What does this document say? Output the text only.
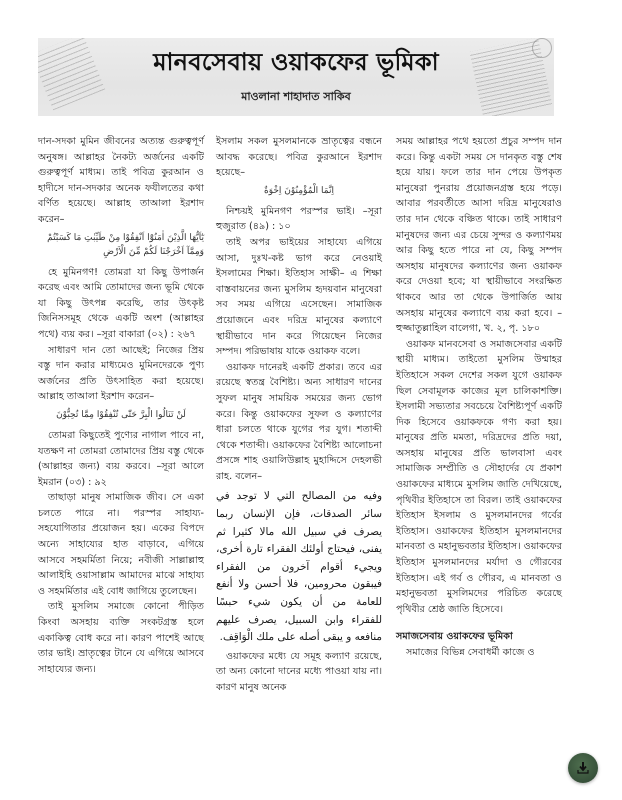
মানবসেবায় ওয়াকফের ভূমিকা
মাওলানা শাহাদাত সাকিব

দান-সদকা মুমিন জীবনের অত্যন্ত গুরুত্বপূর্ণ অনুষঙ্গ। আল্লাহর নৈকট্য অর্জনের একটি গুরুত্বপূর্ণ মাধ্যম। তাই পবিত্র কুরআন ও হাদীসে দান-সদকার অনেক ফযীলতের কথা বর্ণিত হয়েছে। আল্লাহ তাআলা ইরশাদ করেন–

يٰٓاَيُّهَا الَّذِيْنَ اٰمَنُوْٓا اَنْفِقُوْا مِنْ طَيِّبٰتِ مَا كَسَبْتُمْ وَمِمَّآ اَخْرَجْنَا لَكُمْ مِّنَ الْاَرْضِ

হে মুমিনগণ! তোমরা যা কিছু উপার্জন করেছ এবং আমি তোমাদের জন্য ভূমি থেকে যা কিছু উৎপন্ন করেছি, তার উৎকৃষ্ট জিনিসসমূহ থেকে একটি অংশ (আল্লাহর পথে) ব্যয় কর। –সূরা বাকারা (০২) : ২৬৭

সাধারণ দান তো আছেই; নিজের প্রিয় বস্তু দান করার মাধ্যমেও মুমিনদেরকে পুণ্য অর্জনের প্রতি উৎসাহিত করা হয়েছে। আল্লাহ তাআলা ইরশাদ করেন–

لَنْ تَنَالُوا الْبِرَّ حَتّٰى تُنْفِقُوْا مِمَّا تُحِبُّوْنَ

তোমরা কিছুতেই পুণ্যের নাগাল পাবে না, যতক্ষণ না তোমরা তোমাদের প্রিয় বস্তু থেকে (আল্লাহর জন্য) ব্যয় করবে। –সূরা আলে ইমরান (০৩) : ৯২

তাছাড়া মানুষ সামাজিক জীব। সে একা চলতে পারে না। পরস্পর সাহায্য-সহযোগিতার প্রয়োজন হয়। একের বিপদে অন্যে সাহায্যের হাত বাড়াবে, এগিয়ে আসবে সহমর্মিতা নিয়ে; নবীজী সাল্লাল্লাহু আলাইহি ওয়াসাল্লাম আমাদের মাঝে সাহায্য ও সহমর্মিতার এই বোধ জাগিয়ে তুলেছেন।

তাই মুসলিম সমাজে কোনো পীড়িত কিংবা অসহায় ব্যক্তি সংকটগ্রস্ত হলে একাকিত্ব বোধ করে না। কারণ পাশেই আছে তার ভাই। ভ্রাতৃত্বের টানে যে এগিয়ে আসবে সাহায্যের জন্য।

ইসলাম সকল মুসলমানকে ভ্রাতৃত্বের বন্ধনে আবদ্ধ করেছে। পবিত্র কুরআনে ইরশাদ হয়েছে–

اِنَّمَا الْمُؤْمِنُوْنَ اِخْوَةٌ

নিশ্চয়ই মুমিনগণ পরস্পর ভাই। –সূরা হুজুরাত (৪৯) : ১০

তাই অপর ভাইয়ের সাহায্যে এগিয়ে আসা, দুঃখ-কষ্ট ভাগ করে নেওয়াই ইসলামের শিক্ষা। ইতিহাস সাক্ষী– এ শিক্ষা বাস্তবায়নের জন্য মুসলিম হৃদয়বান মানুষেরা সব সময় এগিয়ে এসেছেন। সামাজিক প্রয়োজনে এবং দরিদ্র মানুষের কল্যাণে স্থায়ীভাবে দান করে গিয়েছেন নিজের সম্পদ। পরিভাষায় যাকে ওয়াকফ বলে।

ওয়াকফ দানেরই একটি প্রকার। তবে এর রয়েছে স্বতন্ত্র বৈশিষ্ট্য। অন্য সাধারণ দানের সুফল মানুষ সাময়িক সময়ের জন্য ভোগ করে। কিন্তু ওয়াকফের সুফল ও কল্যাণের ধারা চলতে থাকে যুগের পর যুগ। শতাব্দী থেকে শতাব্দী। ওয়াকফের বৈশিষ্ট্য আলোচনা প্রসঙ্গে শাহ ওয়ালিউল্লাহ মুহাদ্দিসে দেহলভী রাহ. বলেন–

وفيه من المصالح التي لا توجد في سائر الصدقات، فإن الإنسان ربما يصرف في سبيل الله مالا كثيرا ثم يفنى، فيحتاج أولئك الفقراء تارة أخرى، ويجيء أقوام آخرون من الفقراء فيبقون محرومين، فلا أحسن ولا أنفع للعامة من أن يكون شيء حبسًا للفقراء وابن السبيل، يصرف عليهم منافعه و يبقى أصله على ملك الْوَاقِف.

ওয়াকফের মধ্যে যে সমূহ কল্যাণ রয়েছে, তা অন্য কোনো দানের মধ্যে পাওয়া যায় না। কারণ মানুষ অনেক

সময় আল্লাহর পথে হয়তো প্রচুর সম্পদ দান করে। কিন্তু একটা সময় সে দানকৃত বস্তু শেষ হয়ে যায়। ফলে তার দান পেয়ে উপকৃত মানুষেরা পুনরায় প্রয়োজনগ্রস্ত হয়ে পড়ে। আবার পরবর্তীতে আসা দরিদ্র মানুষেরাও তার দান থেকে বঞ্চিত থাকে। তাই সাধারণ মানুষদের জন্য এর চেয়ে সুন্দর ও কল্যাণময় আর কিছু হতে পারে না যে, কিছু সম্পদ অসহায় মানুষদের কল্যাণের জন্য ওয়াকফ করে দেওয়া হবে; যা স্থায়ীভাবে সংরক্ষিত থাকবে আর তা থেকে উপার্জিত আয় অসহায় মানুষের কল্যাণে ব্যয় করা হবে। –হুজ্জাতুল্লাহিল বালেগা, খ. ২, পৃ. ১৮০

ওয়াকফ মানবসেবা ও সমাজসেবার একটি স্থায়ী মাধ্যম। তাইতো মুসলিম উম্মাহর ইতিহাসে সকল দেশের সকল যুগে ওয়াকফ ছিল সেবামূলক কাজের মূল চালিকাশক্তি। ইসলামী সভ্যতার সবচেয়ে বৈশিষ্ট্যপূর্ণ একটি দিক হিসেবে ওয়াকফকে গণ্য করা হয়। মানুষের প্রতি মমতা, দরিদ্রদের প্রতি দয়া, অসহায় মানুষের প্রতি ভালবাসা এবং সামাজিক সম্প্রীতি ও সৌহার্দের যে প্রকাশ ওয়াকফের মাধ্যমে মুসলিম জাতি দেখিয়েছে, পৃথিবীর ইতিহাসে তা বিরল। তাই ওয়াকফের ইতিহাস ইসলাম ও মুসলমানদের গর্বের ইতিহাস। ওয়াকফের ইতিহাস মুসলমানদের মানবতা ও মহানুভবতার ইতিহাস। ওয়াকফের ইতিহাস মুসলমানদের মর্যাদা ও গৌরবের ইতিহাস। এই গর্ব ও গৌরব, এ মানবতা ও মহানুভবতা মুসলিমদের পরিচিত করেছে পৃথিবীর শ্রেষ্ঠ জাতি হিসেবে।

সমাজসেবায় ওয়াকফের ভূমিকা

সমাজের বিভিন্ন সেবাধর্মী কাজে ও
